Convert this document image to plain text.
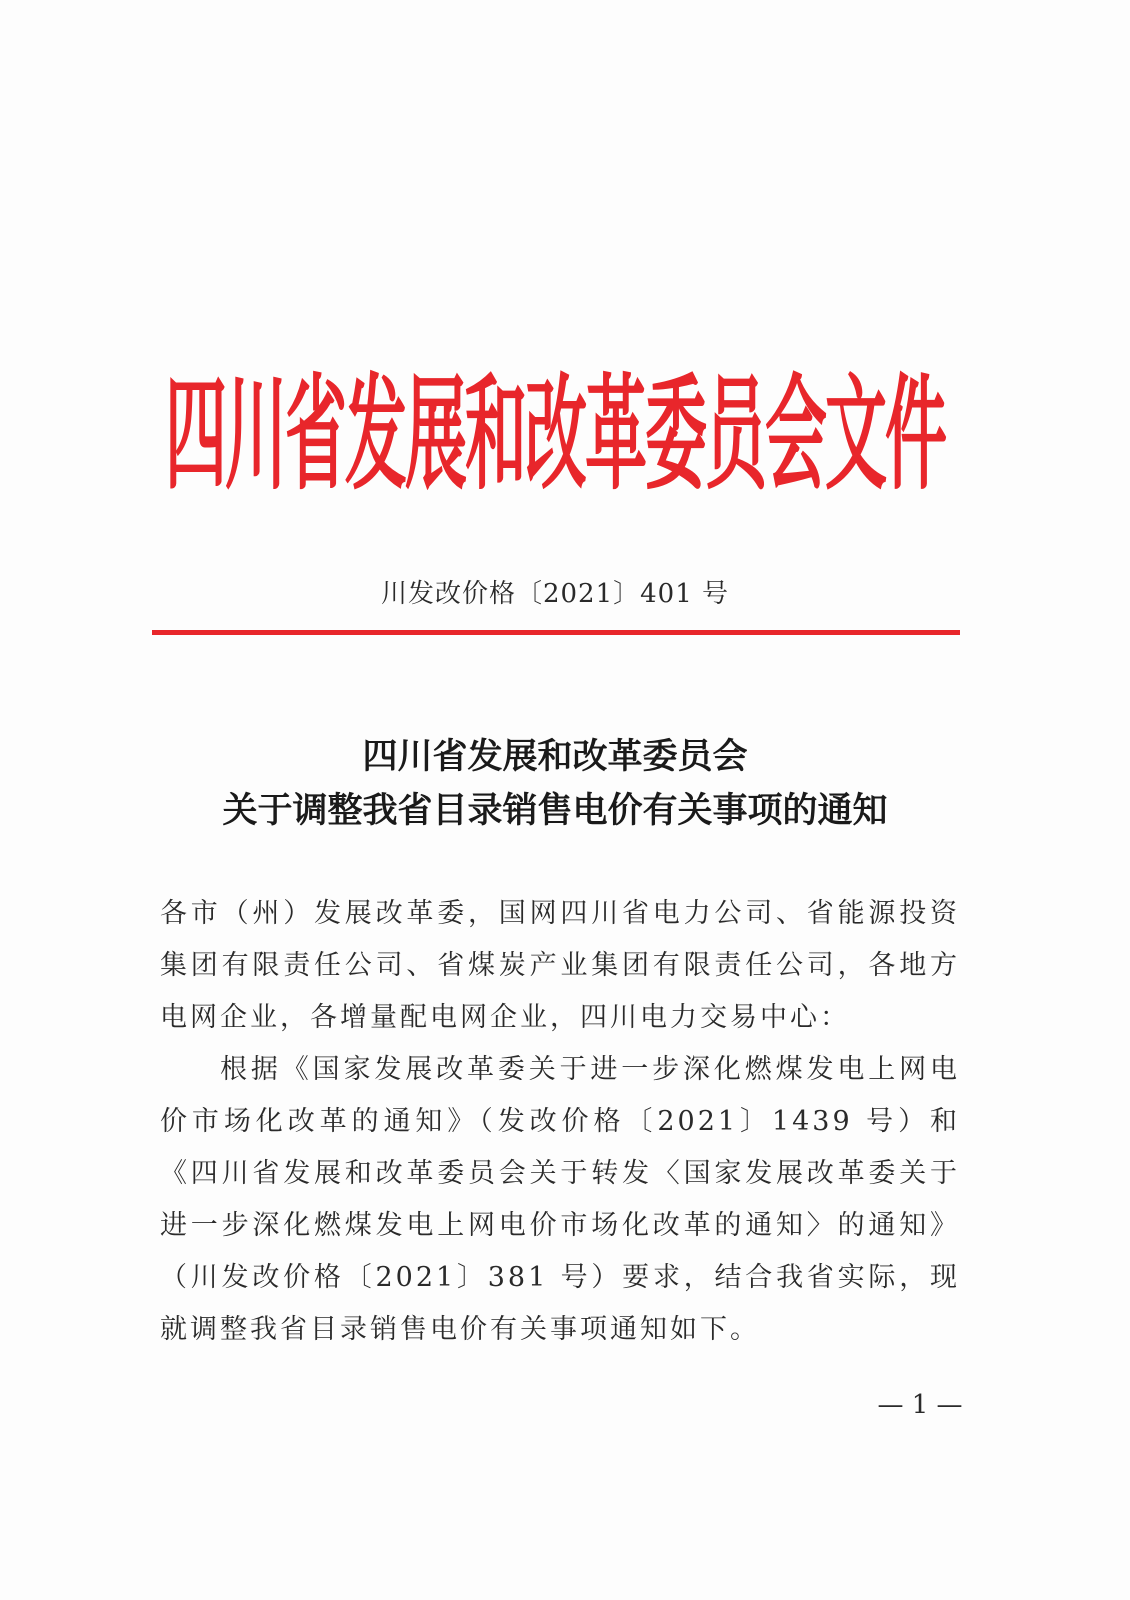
四川省发展和改革委员会文件
川发改价格〔2021〕401 号
四川省发展和改革委员会
关于调整我省目录销售电价有关事项的通知

各市（州）发展改革委，国网四川省电力公司、省能源投资集团有限责任公司、省煤炭产业集团有限责任公司，各地方电网企业，各增量配电网企业，四川电力交易中心：

根据《国家发展改革委关于进一步深化燃煤发电上网电价市场化改革的通知》（发改价格〔2021〕1439 号）和《四川省发展和改革委员会关于转发〈国家发展改革委关于进一步深化燃煤发电上网电价市场化改革的通知〉的通知》（川发改价格〔2021〕381 号）要求，结合我省实际，现就调整我省目录销售电价有关事项通知如下。

— 1 —
